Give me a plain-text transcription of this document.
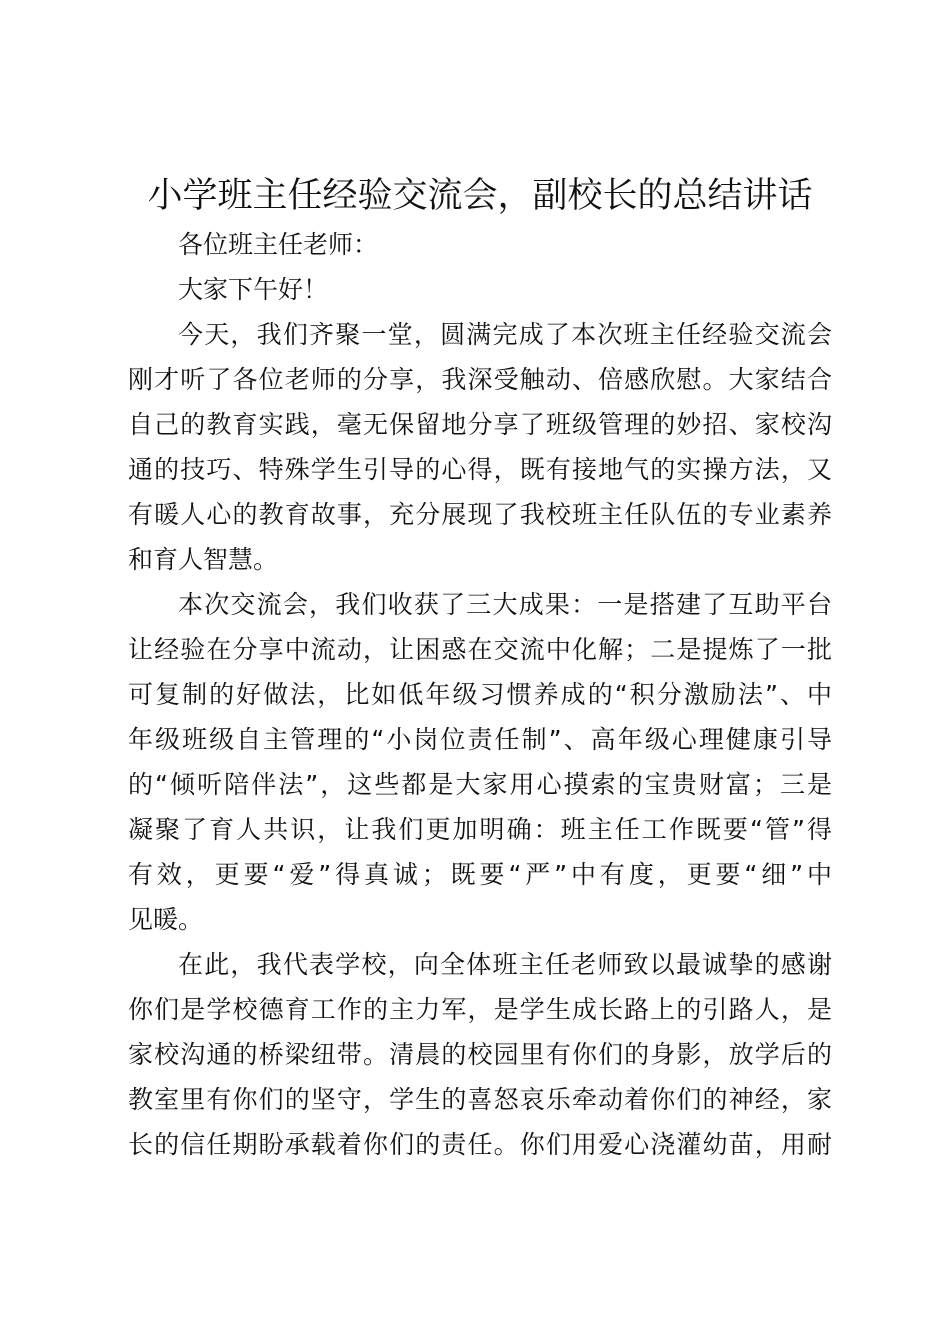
小学班主任经验交流会，副校长的总结讲话
各位班主任老师：
大家下午好！
今天，我们齐聚一堂，圆满完成了本次班主任经验交流会
刚才听了各位老师的分享，我深受触动、倍感欣慰。大家结合
自己的教育实践，毫无保留地分享了班级管理的妙招、家校沟
通的技巧、特殊学生引导的心得，既有接地气的实操方法，又
有暖人心的教育故事，充分展现了我校班主任队伍的专业素养
和育人智慧。
本次交流会，我们收获了三大成果：一是搭建了互助平台
让经验在分享中流动，让困惑在交流中化解；二是提炼了一批
可复制的好做法，比如低年级习惯养成的“积分激励法”、中
年级班级自主管理的“小岗位责任制”、高年级心理健康引导
的“倾听陪伴法”，这些都是大家用心摸索的宝贵财富；三是
凝聚了育人共识，让我们更加明确：班主任工作既要“管”得
有效，更要“爱”得真诚；既要“严”中有度，更要“细”中
见暖。
在此，我代表学校，向全体班主任老师致以最诚挚的感谢
你们是学校德育工作的主力军，是学生成长路上的引路人，是
家校沟通的桥梁纽带。清晨的校园里有你们的身影，放学后的
教室里有你们的坚守，学生的喜怒哀乐牵动着你们的神经，家
长的信任期盼承载着你们的责任。你们用爱心浇灌幼苗，用耐
